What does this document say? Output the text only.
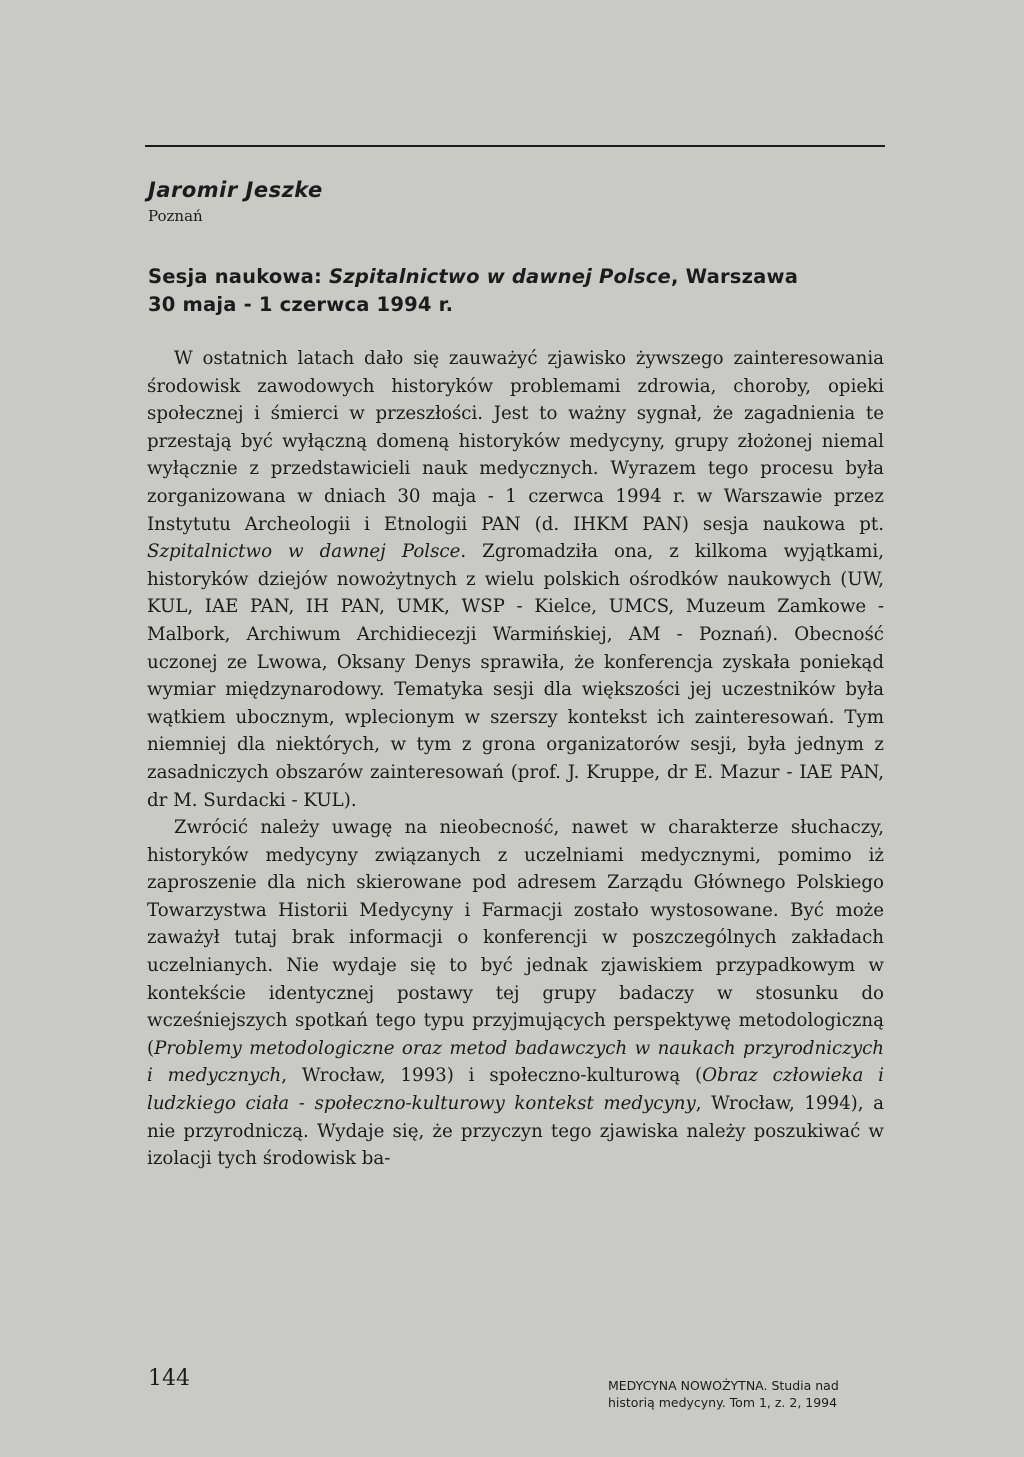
Jaromir Jeszke
Poznań
Sesja naukowa: Szpitalnictwo w dawnej Polsce, Warszawa
30 maja - 1 czerwca 1994 r.

W ostatnich latach dało się zauważyć zjawisko żywszego zainteresowania środowisk zawodowych historyków problemami zdrowia, choroby, opieki społecznej i śmierci w przeszłości. Jest to ważny sygnał, że zagadnienia te przestają być wyłączną domeną historyków medycyny, grupy złożonej niemal wyłącznie z przedstawicieli nauk medycznych. Wyrazem tego procesu była zorganizowana w dniach 30 maja - 1 czerwca 1994 r. w Warszawie przez Instytutu Archeologii i Etnologii PAN (d. IHKM PAN) sesja naukowa pt. Szpitalnictwo w dawnej Polsce. Zgromadziła ona, z kilkoma wyjątkami, historyków dziejów nowożytnych z wielu polskich ośrodków naukowych (UW, KUL, IAE PAN, IH PAN, UMK, WSP - Kielce, UMCS, Muzeum Zamkowe - Malbork, Archiwum Archidiecezji Warmińskiej, AM - Poznań). Obecność uczonej ze Lwowa, Oksany Denys sprawiła, że konferencja zyskała poniekąd wymiar międzynarodowy. Tematyka sesji dla większości jej uczestników była wątkiem ubocznym, wplecionym w szerszy kontekst ich zainteresowań. Tym niemniej dla niektórych, w tym z grona organizatorów sesji, była jednym z zasadniczych obszarów zainteresowań (prof. J. Kruppe, dr E. Mazur - IAE PAN, dr M. Surdacki - KUL).

Zwrócić należy uwagę na nieobecność, nawet w charakterze słuchaczy, historyków medycyny związanych z uczelniami medycznymi, pomimo iż zaproszenie dla nich skierowane pod adresem Zarządu Głównego Polskiego Towarzystwa Historii Medycyny i Farmacji zostało wystosowane. Być może zaważył tutaj brak informacji o konferencji w poszczególnych zakładach uczelnianych. Nie wydaje się to być jednak zjawiskiem przypadkowym w kontekście identycznej postawy tej grupy badaczy w stosunku do wcześniejszych spotkań tego typu przyjmujących perspektywę metodologiczną (Problemy metodologiczne oraz metod badawczych w naukach przyrodniczych i medycznych, Wrocław, 1993) i społeczno-kulturową (Obraz człowieka i ludzkiego ciała - społeczno-kulturowy kontekst medycyny, Wrocław, 1994), a nie przyrodniczą. Wydaje się, że przyczyn tego zjawiska należy poszukiwać w izolacji tych środowisk ba-

144	MEDYCYNA NOWOŻYTNA. Studia nad
historią medycyny. Tom 1, z. 2, 1994
